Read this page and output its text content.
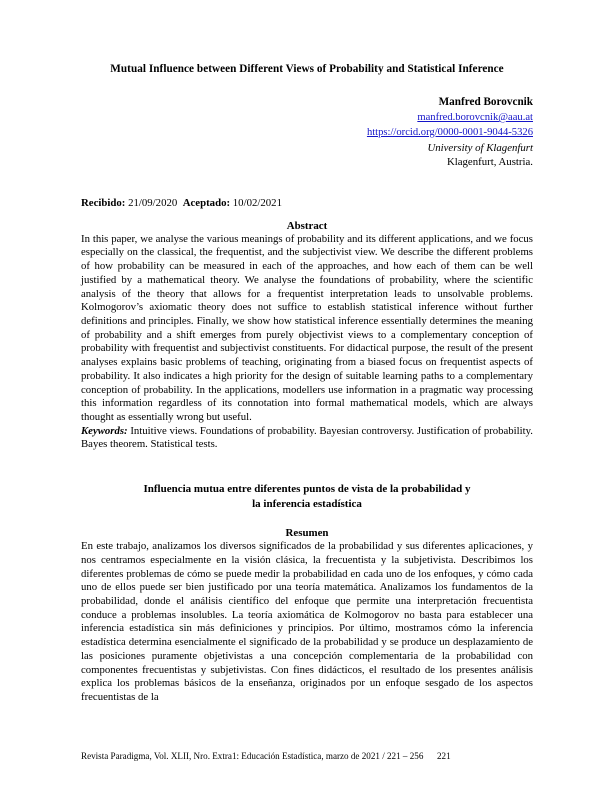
Mutual Influence between Different Views of Probability and Statistical Inference
Manfred Borovcnik
manfred.borovcnik@aau.at
https://orcid.org/0000-0001-9044-5326
University of Klagenfurt
Klagenfurt, Austria.
Recibido: 21/09/2020 Aceptado: 10/02/2021
Abstract

In this paper, we analyse the various meanings of probability and its different applications, and we focus especially on the classical, the frequentist, and the subjectivist view. We describe the different problems of how probability can be measured in each of the approaches, and how each of them can be well justified by a mathematical theory. We analyse the foundations of probability, where the scientific analysis of the theory that allows for a frequentist interpretation leads to unsolvable problems. Kolmogorov’s axiomatic theory does not suffice to establish statistical inference without further definitions and principles. Finally, we show how statistical inference essentially determines the meaning of probability and a shift emerges from purely objectivist views to a complementary conception of probability with frequentist and subjectivist constituents. For didactical purpose, the result of the present analyses explains basic problems of teaching, originating from a biased focus on frequentist aspects of probability. It also indicates a high priority for the design of suitable learning paths to a complementary conception of probability. In the applications, modellers use information in a pragmatic way processing this information regardless of its connotation into formal mathematical models, which are always thought as essentially wrong but useful.

Keywords: Intuitive views. Foundations of probability. Bayesian controversy. Justification of probability. Bayes theorem. Statistical tests.
Influencia mutua entre diferentes puntos de vista de la probabilidad y
la inferencia estadística
Resumen

En este trabajo, analizamos los diversos significados de la probabilidad y sus diferentes aplicaciones, y nos centramos especialmente en la visión clásica, la frecuentista y la subjetivista. Describimos los diferentes problemas de cómo se puede medir la probabilidad en cada uno de los enfoques, y cómo cada uno de ellos puede ser bien justificado por una teoría matemática. Analizamos los fundamentos de la probabilidad, donde el análisis científico del enfoque que permite una interpretación frecuentista conduce a problemas insolubles. La teoría axiomática de Kolmogorov no basta para establecer una inferencia estadística sin más definiciones y principios. Por último, mostramos cómo la inferencia estadística determina esencialmente el significado de la probabilidad y se produce un desplazamiento de las posiciones puramente objetivistas a una concepción complementaria de la probabilidad con componentes frecuentistas y subjetivistas. Con fines didácticos, el resultado de los presentes análisis explica los problemas básicos de la enseñanza, originados por un enfoque sesgado de los aspectos frecuentistas de la

Revista Paradigma, Vol. XLII, Nro. Extra1: Educación Estadística, marzo de 2021 / 221 – 256      221
